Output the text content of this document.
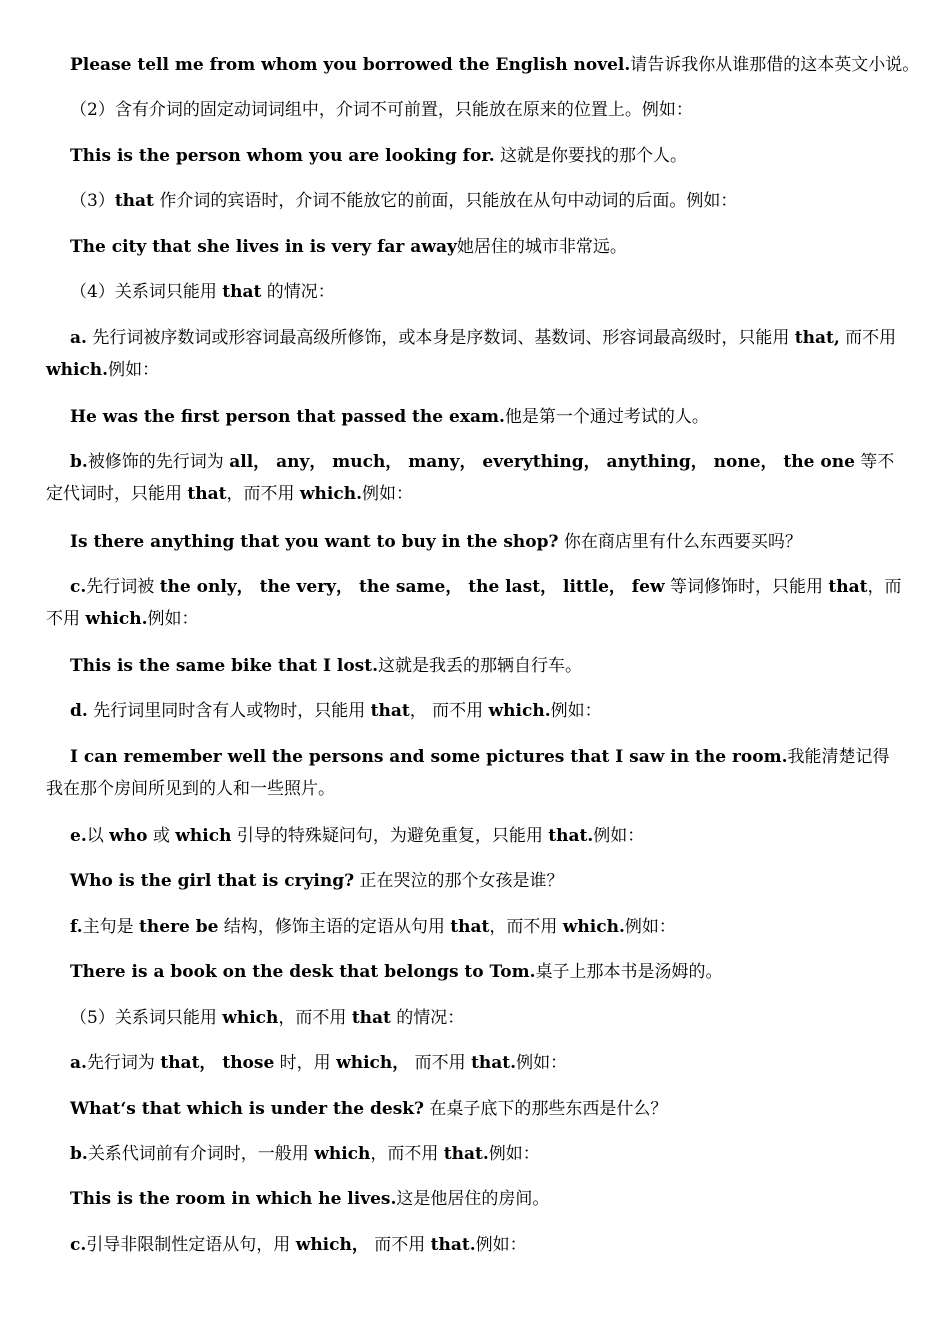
Please tell me from whom you borrowed the English novel.请告诉我你从谁那借的这本英文小说。

（2）含有介词的固定动词词组中，介词不可前置，只能放在原来的位置上。例如：

This is the person whom you are looking for. 这就是你要找的那个人。

（3）that 作介词的宾语时，介词不能放它的前面，只能放在从句中动词的后面。例如：

The city that she lives in is very far away她居住的城市非常远。

（4）关系词只能用 that 的情况：

a. 先行词被序数词或形容词最高级所修饰，或本身是序数词、基数词、形容词最高级时，只能用 that, 而不用 which.例如：

He was the first person that passed the exam.他是第一个通过考试的人。

b.被修饰的先行词为 all， any， much， many， everything， anything， none， the one 等不定代词时，只能用 that，而不用 which.例如：

Is there anything that you want to buy in the shop? 你在商店里有什么东西要买吗？

c.先行词被 the only， the very， the same， the last， little， few 等词修饰时，只能用 that，而不用 which.例如：

This is the same bike that I lost.这就是我丢的那辆自行车。

d. 先行词里同时含有人或物时，只能用 that， 而不用 which.例如：

I can remember well the persons and some pictures that I saw in the room.我能清楚记得我在那个房间所见到的人和一些照片。

e.以 who 或 which 引导的特殊疑问句，为避免重复，只能用 that.例如：

Who is the girl that is crying? 正在哭泣的那个女孩是谁？

f.主句是 there be 结构，修饰主语的定语从句用 that，而不用 which.例如：

There is a book on the desk that belongs to Tom.桌子上那本书是汤姆的。

（5）关系词只能用 which，而不用 that 的情况：

a.先行词为 that， those 时，用 which， 而不用 that.例如：

What‘s that which is under the desk? 在桌子底下的那些东西是什么？

b.关系代词前有介词时，一般用 which，而不用 that.例如：

This is the room in which he lives.这是他居住的房间。

c.引导非限制性定语从句，用 which， 而不用 that.例如：
